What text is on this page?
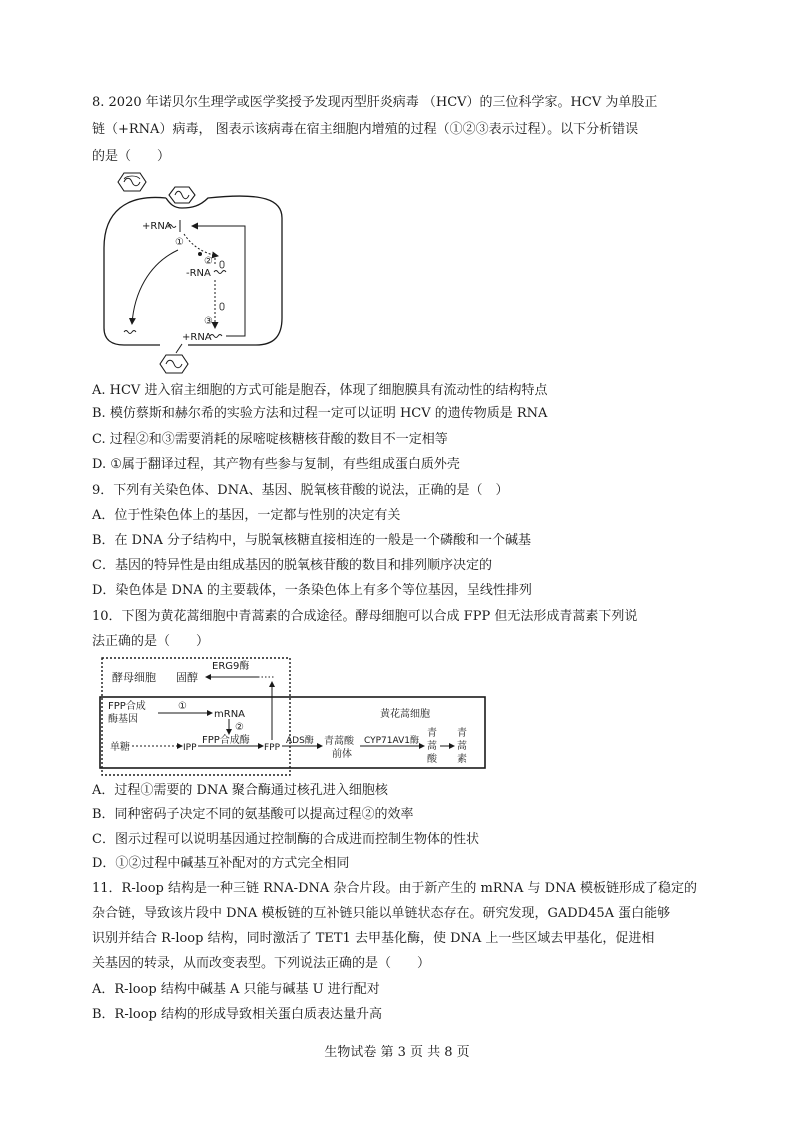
8. 2020 年诺贝尔生理学或医学奖授予发现丙型肝炎病毒 （HCV）的三位科学家。HCV 为单股正
链（+RNA）病毒， 图表示该病毒在宿主细胞内增殖的过程（①②③表示过程）。以下分析错误
的是（　　）
+RNA
①
②
-RNA
③
+RNA
A. HCV 进入宿主细胞的方式可能是胞吞，体现了细胞膜具有流动性的结构特点
B. 模仿蔡斯和赫尔希的实验方法和过程一定可以证明 HCV 的遗传物质是 RNA
C. 过程②和③需要消耗的尿嘧啶核糖核苷酸的数目不一定相等
D. ①属于翻译过程，其产物有些参与复制，有些组成蛋白质外壳
9．下列有关染色体、DNA、基因、脱氧核苷酸的说法，正确的是（　）
A．位于性染色体上的基因，一定都与性别的决定有关
B．在 DNA 分子结构中，与脱氧核糖直接相连的一般是一个磷酸和一个碱基
C．基因的特异性是由组成基因的脱氧核苷酸的数目和排列顺序决定的
D．染色体是 DNA 的主要载体，一条染色体上有多个等位基因，呈线性排列
10．下图为黄花蒿细胞中青蒿素的合成途径。酵母细胞可以合成 FPP 但无法形成青蒿素下列说
法正确的是（　　）
酵母细胞 固醇
ERG9酶
FPP合成
酶基因
①
mRNA
②
单糖	IPP
FPP合成酶
FPP
ADS酶 青蒿酸
前体
CYP71AV1酶
青
蒿
酸
青
蒿
素
黄花蒿细胞
A．过程①需要的 DNA 聚合酶通过核孔进入细胞核
B．同种密码子决定不同的氨基酸可以提高过程②的效率
C．图示过程可以说明基因通过控制酶的合成进而控制生物体的性状
D．①②过程中碱基互补配对的方式完全相同
11．R-loop 结构是一种三链 RNA-DNA 杂合片段。由于新产生的 mRNA 与 DNA 模板链形成了稳定的
杂合链，导致该片段中 DNA 模板链的互补链只能以单链状态存在。研究发现，GADD45A 蛋白能够
识别并结合 R-loop 结构，同时激活了 TET1 去甲基化酶，使 DNA 上一些区域去甲基化，促进相
关基因的转录，从而改变表型。下列说法正确的是（　　）
A．R-loop 结构中碱基 A 只能与碱基 U 进行配对
B．R-loop 结构的形成导致相关蛋白质表达量升高
生物试卷 第 3 页 共 8 页
